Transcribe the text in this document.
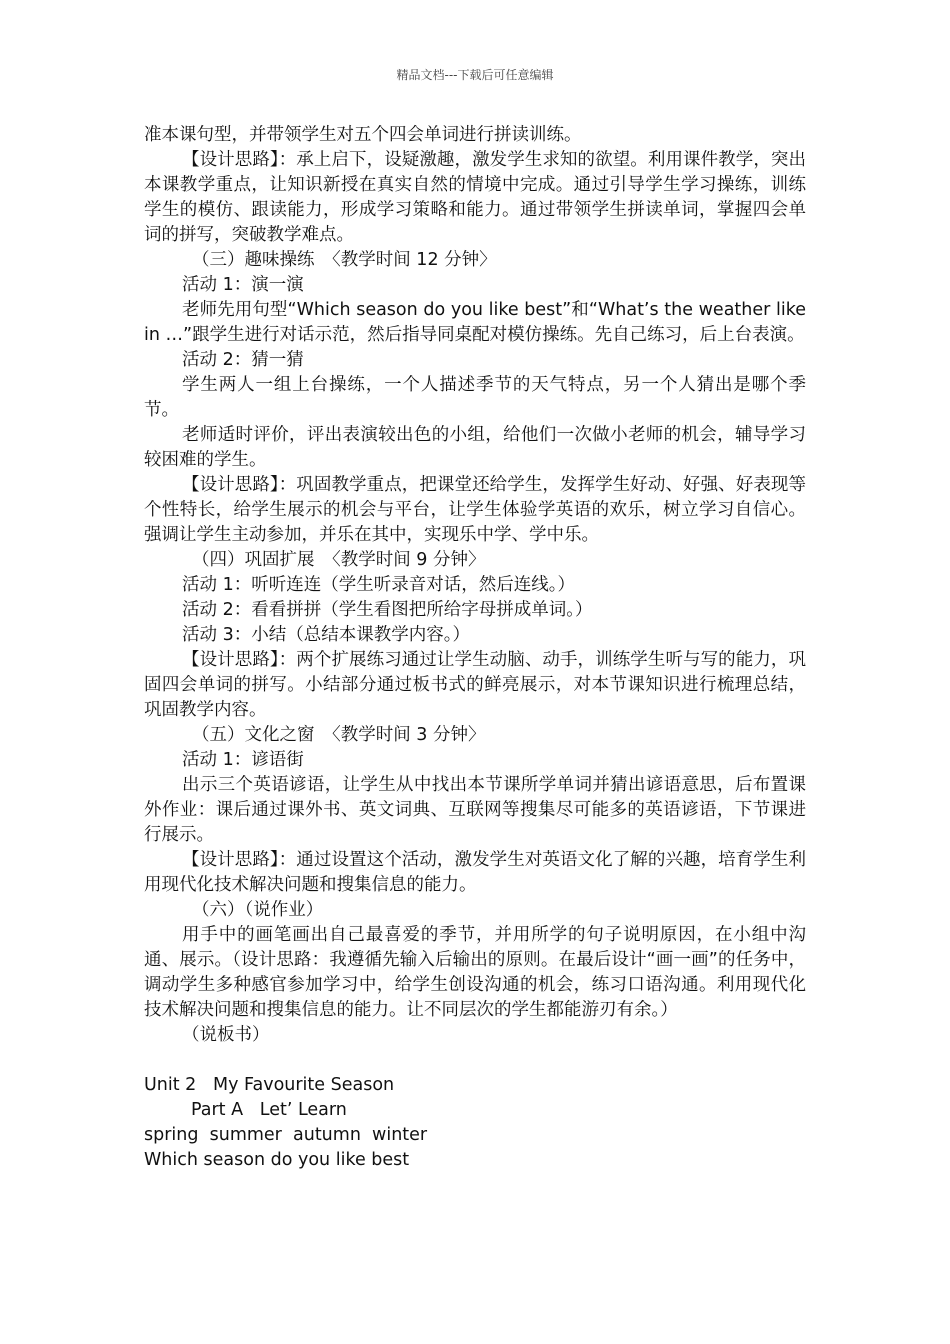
精品文档---下载后可任意编辑

准本课句型，并带领学生对五个四会单词进行拼读训练。

【设计思路】：承上启下，设疑激趣，激发学生求知的欲望。利用课件教学，突出本课教学重点，让知识新授在真实自然的情境中完成。通过引导学生学习操练，训练学生的模仿、跟读能力，形成学习策略和能力。通过带领学生拼读单词，掌握四会单词的拼写，突破教学难点。

（三）趣味操练　〈教学时间 12 分钟〉

活动 1：演一演

老师先用句型“Which season do you like best”和“What’s the weather like in …”跟学生进行对话示范，然后指导同桌配对模仿操练。先自己练习，后上台表演。

活动 2：猜一猜

学生两人一组上台操练，一个人描述季节的天气特点，另一个人猜出是哪个季节。

老师适时评价，评出表演较出色的小组，给他们一次做小老师的机会，辅导学习较困难的学生。

【设计思路】：巩固教学重点，把课堂还给学生，发挥学生好动、好强、好表现等个性特长，给学生展示的机会与平台，让学生体验学英语的欢乐，树立学习自信心。强调让学生主动参加，并乐在其中，实现乐中学、学中乐。

（四）巩固扩展　〈教学时间 9 分钟〉

活动 1：听听连连（学生听录音对话，然后连线。）

活动 2：看看拼拼（学生看图把所给字母拼成单词。）

活动 3：小结（总结本课教学内容。）

【设计思路】：两个扩展练习通过让学生动脑、动手，训练学生听与写的能力，巩固四会单词的拼写。小结部分通过板书式的鲜亮展示，对本节课知识进行梳理总结，巩固教学内容。

（五）文化之窗　〈教学时间 3 分钟〉

活动 1：谚语街

出示三个英语谚语，让学生从中找出本节课所学单词并猜出谚语意思，后布置课外作业：课后通过课外书、英文词典、互联网等搜集尽可能多的英语谚语，下节课进行展示。

【设计思路】：通过设置这个活动，激发学生对英语文化了解的兴趣，培育学生利用现代化技术解决问题和搜集信息的能力。

（六）（说作业）

用手中的画笔画出自己最喜爱的季节，并用所学的句子说明原因，在小组中沟通、展示。（设计思路：我遵循先输入后输出的原则。在最后设计“画一画”的任务中，调动学生多种感官参加学习中，给学生创设沟通的机会，练习口语沟通。利用现代化技术解决问题和搜集信息的能力。让不同层次的学生都能游刃有余。）

（说板书）

Unit 2   My Favourite Season

Part A   Let’ Learn

spring  summer  autumn  winter

Which season do you like best
